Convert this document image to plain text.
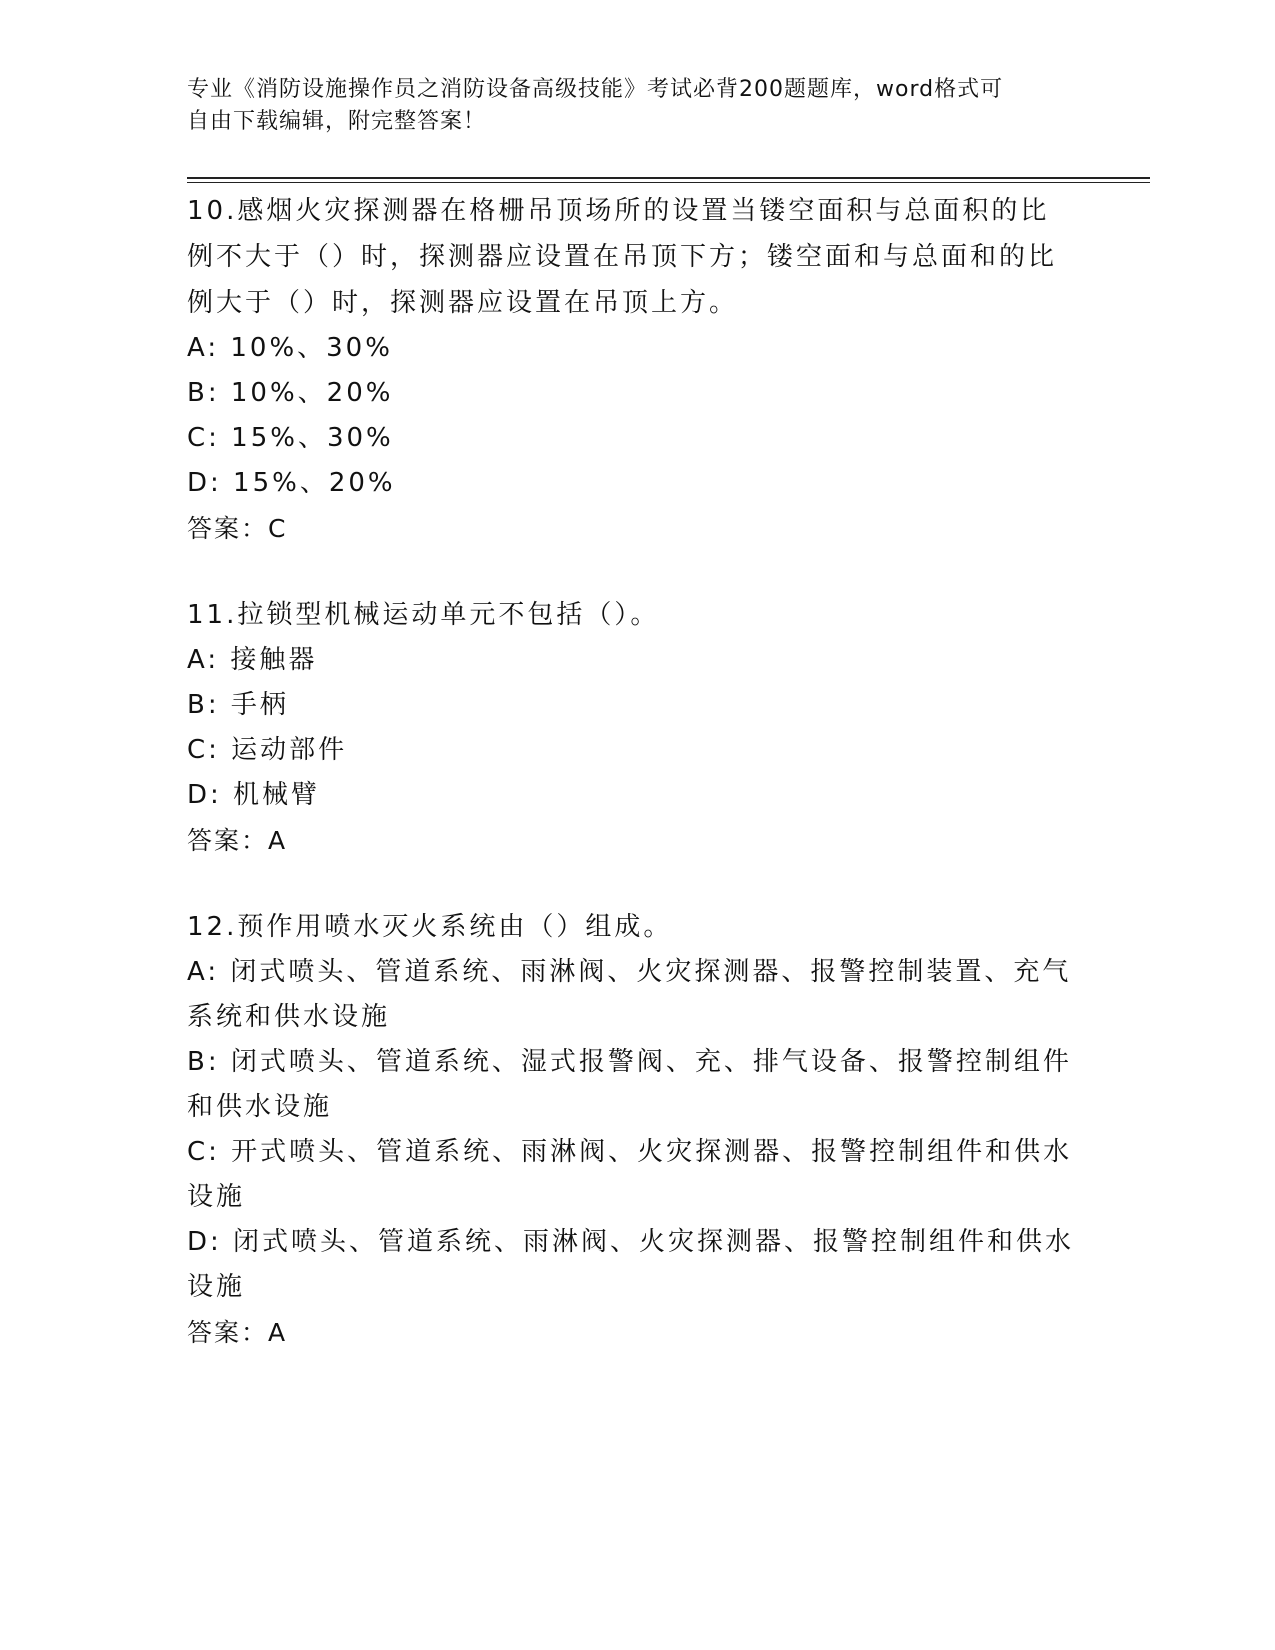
专业《消防设施操作员之消防设备高级技能》考试必背200题题库，word格式可
自由下载编辑，附完整答案！

10.感烟火灾探测器在格栅吊顶场所的设置当镂空面积与总面积的比例不大于（）时，探测器应设置在吊顶下方；镂空面和与总面和的比例大于（）时，探测器应设置在吊顶上方。

A: 10%、30%

B: 10%、20%

C: 15%、30%

D: 15%、20%

答案：C

11.拉锁型机械运动单元不包括（）。

A: 接触器

B: 手柄

C: 运动部件

D: 机械臂

答案：A

12.预作用喷水灭火系统由（）组成。

A: 闭式喷头、管道系统、雨淋阀、火灾探测器、报警控制装置、充气系统和供水设施

B: 闭式喷头、管道系统、湿式报警阀、充、排气设备、报警控制组件和供水设施

C: 开式喷头、管道系统、雨淋阀、火灾探测器、报警控制组件和供水设施

D: 闭式喷头、管道系统、雨淋阀、火灾探测器、报警控制组件和供水设施

答案：A
